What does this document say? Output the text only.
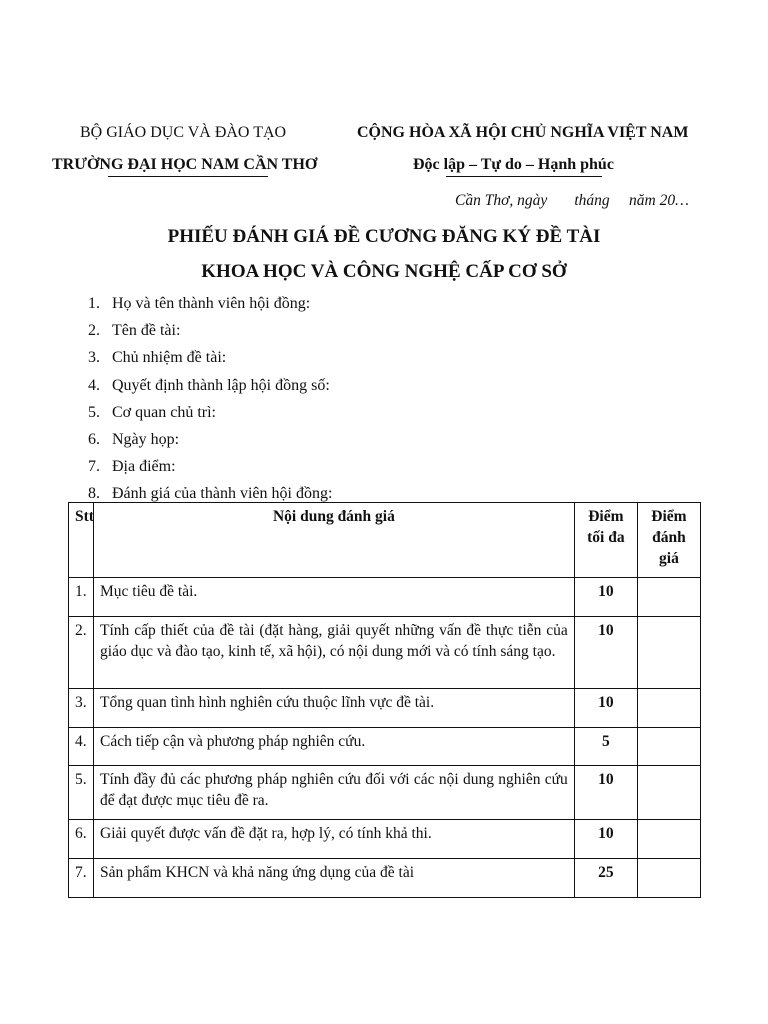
BỘ GIÁO DỤC VÀ ĐÀO TẠO
TRƯỜNG ĐẠI HỌC NAM CẦN THƠ
CỘNG HÒA XÃ HỘI CHỦ NGHĨA VIỆT NAM
Độc lập – Tự do – Hạnh phúc
Cần Thơ, ngày       tháng     năm 20…
PHIẾU ĐÁNH GIÁ ĐỀ CƯƠNG ĐĂNG KÝ ĐỀ TÀI
KHOA HỌC VÀ CÔNG NGHỆ CẤP CƠ SỞ
1. Họ và tên thành viên hội đồng:
2. Tên đề tài:
3. Chủ nhiệm đề tài:
4. Quyết định thành lập hội đồng số:
5. Cơ quan chủ trì:
6. Ngày họp:
7. Địa điểm:
8. Đánh giá của thành viên hội đồng:
Stt	Nội dung đánh giá	Điểm tối đa	Điểm đánh giá
1.	Mục tiêu đề tài.	10	
2.	Tính cấp thiết của đề tài (đặt hàng, giải quyết những vấn đề thực tiễn của giáo dục và đào tạo, kinh tế, xã hội), có nội dung mới và có tính sáng tạo.	10	
3.	Tổng quan tình hình nghiên cứu thuộc lĩnh vực đề tài.	10	
4.	Cách tiếp cận và phương pháp nghiên cứu.	5	
5.	Tính đầy đủ các phương pháp nghiên cứu đối với các nội dung nghiên cứu để đạt được mục tiêu đề ra.	10	
6.	Giải quyết được vấn đề đặt ra, hợp lý, có tính khả thi.	10	
7.	Sản phẩm KHCN và khả năng ứng dụng của đề tài	25	
